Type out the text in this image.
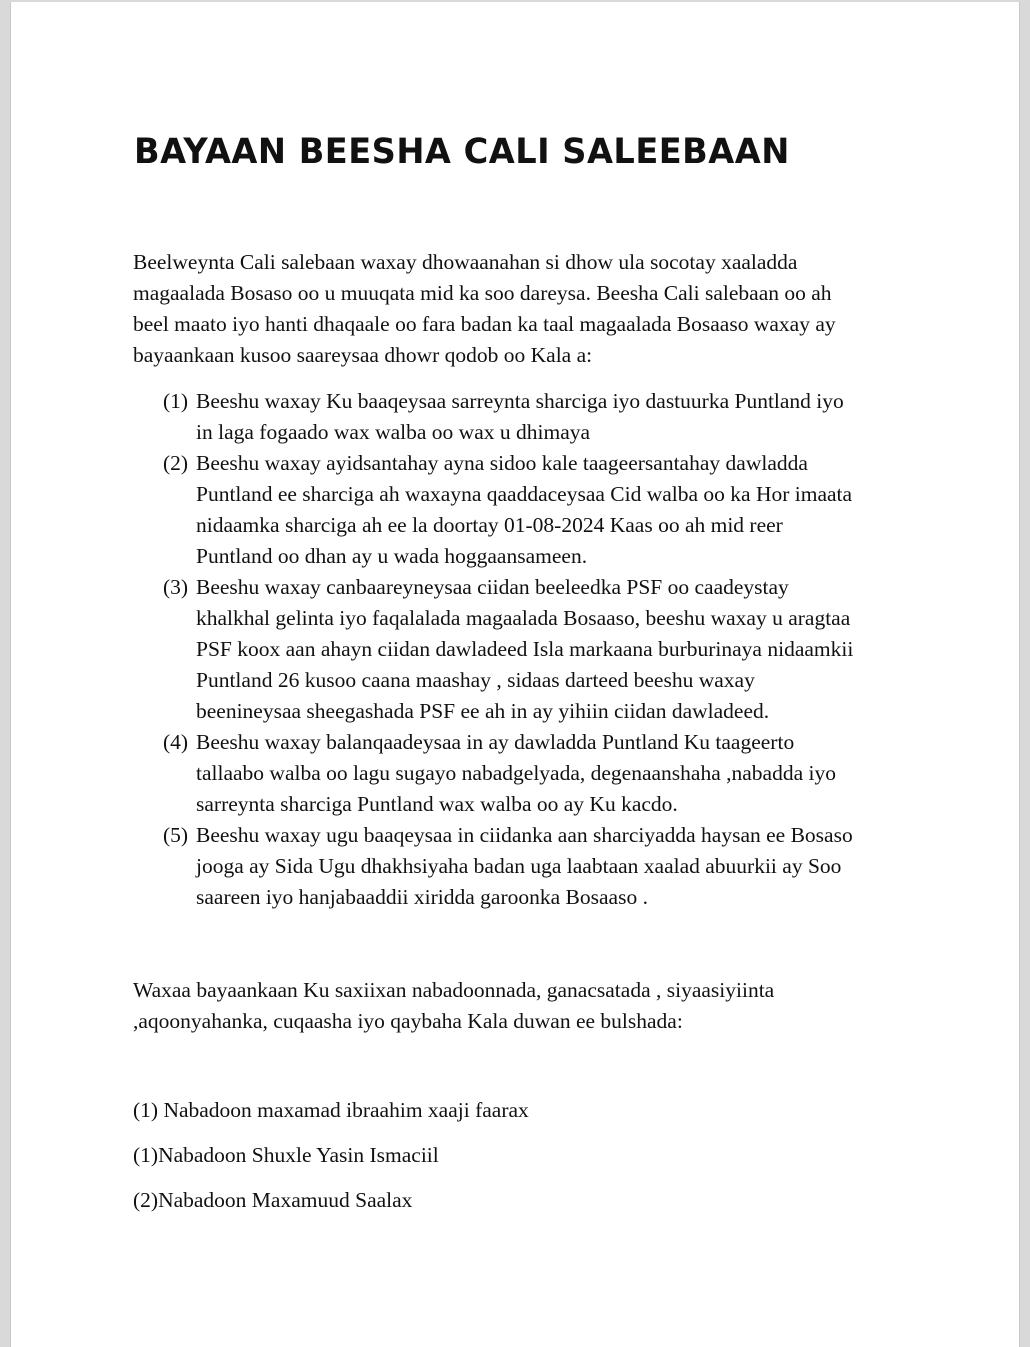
BAYAAN BEESHA CALI SALEEBAAN

Beelweynta Cali salebaan waxay dhowaanahan si dhow ula socotay xaaladda
magaalada Bosaso oo u muuqata mid ka soo dareysa. Beesha Cali salebaan oo ah
beel maato iyo hanti dhaqaale oo fara badan ka taal magaalada Bosaaso waxay ay
bayaankaan kusoo saareysaa dhowr qodob oo Kala a:

(1) Beeshu waxay Ku baaqeysaa sarreynta sharciga iyo dastuurka Puntland iyo
in laga fogaado wax walba oo wax u dhimaya
(2) Beeshu waxay ayidsantahay ayna sidoo kale taageersantahay dawladda
Puntland ee sharciga ah waxayna qaaddaceysaa Cid walba oo ka Hor imaata
nidaamka sharciga ah ee la doortay 01-08-2024 Kaas oo ah mid reer
Puntland oo dhan ay u wada hoggaansameen.
(3) Beeshu waxay canbaareyneysaa ciidan beeleedka PSF oo caadeystay
khalkhal gelinta iyo faqalalada magaalada Bosaaso, beeshu waxay u aragtaa
PSF koox aan ahayn ciidan dawladeed Isla markaana burburinaya nidaamkii
Puntland 26 kusoo caana maashay , sidaas darteed beeshu waxay
beenineysaa sheegashada PSF ee ah in ay yihiin ciidan dawladeed.
(4) Beeshu waxay balanqaadeysaa in ay dawladda Puntland Ku taageerto
tallaabo walba oo lagu sugayo nabadgelyada, degenaanshaha ,nabadda iyo
sarreynta sharciga Puntland wax walba oo ay Ku kacdo.
(5) Beeshu waxay ugu baaqeysaa in ciidanka aan sharciyadda haysan ee Bosaso
jooga ay Sida Ugu dhakhsiyaha badan uga laabtaan xaalad abuurkii ay Soo
saareen iyo hanjabaaddii xiridda garoonka Bosaaso .

Waxaa bayaankaan Ku saxiixan nabadoonnada, ganacsatada , siyaasiyiinta
,aqoonyahanka, cuqaasha iyo qaybaha Kala duwan ee bulshada:

(1) Nabadoon maxamad ibraahim xaaji faarax

(1)Nabadoon Shuxle Yasin Ismaciil

(2)Nabadoon Maxamuud Saalax
